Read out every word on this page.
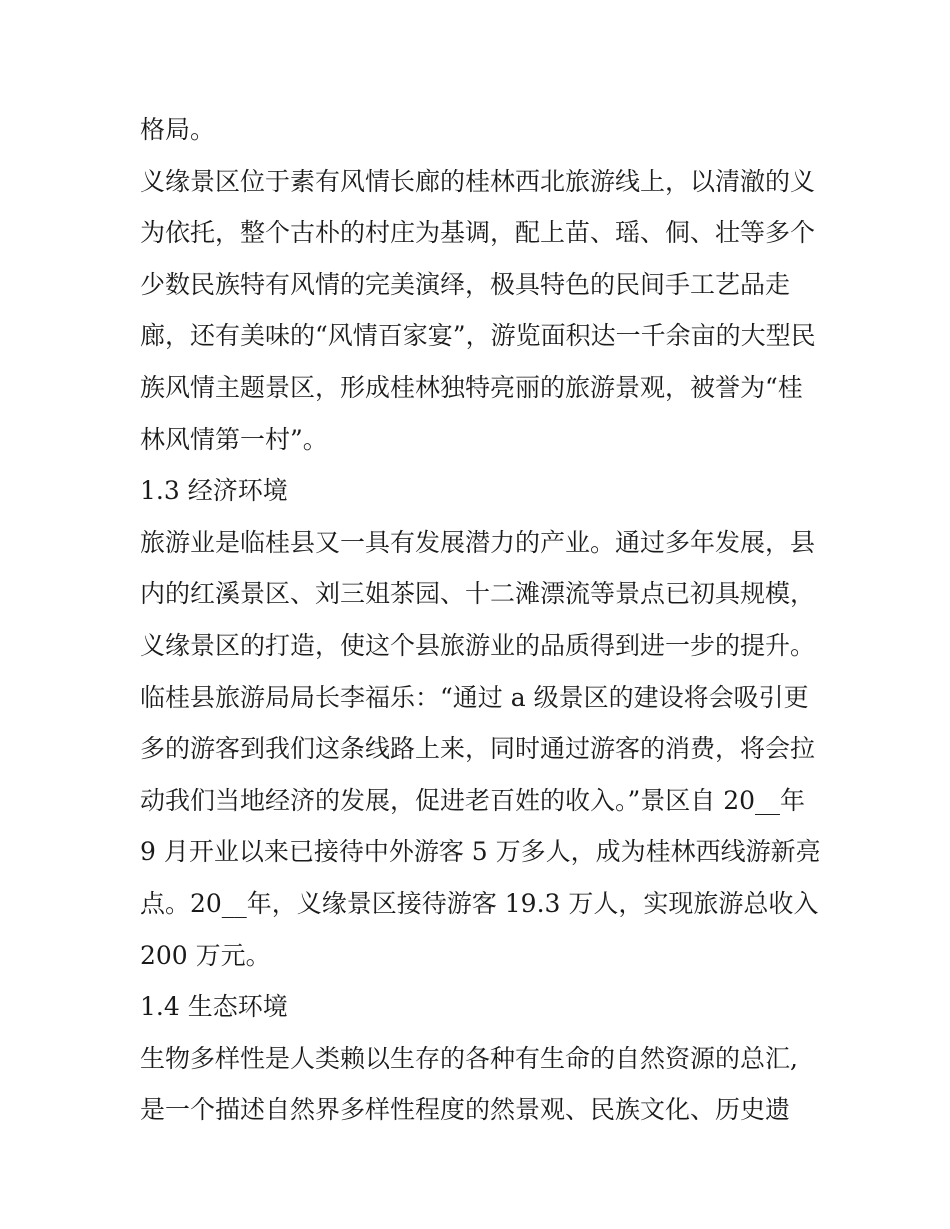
格局。
义缘景区位于素有风情长廊的桂林西北旅游线上，以清澈的义
为依托，整个古朴的村庄为基调，配上苗、瑶、侗、壮等多个
少数民族特有风情的完美演绎，极具特色的民间手工艺品走
廊，还有美味的“风情百家宴”，游览面积达一千余亩的大型民
族风情主题景区，形成桂林独特亮丽的旅游景观，被誉为“桂
林风情第一村”。
1.3 经济环境
旅游业是临桂县又一具有发展潜力的产业。通过多年发展，县
内的红溪景区、刘三姐茶园、十二滩漂流等景点已初具规模，
义缘景区的打造，使这个县旅游业的品质得到进一步的提升。
临桂县旅游局局长李福乐：“通过 a 级景区的建设将会吸引更
多的游客到我们这条线路上来，同时通过游客的消费，将会拉
动我们当地经济的发展，促进老百姓的收入。”景区自 20__年
9 月开业以来已接待中外游客 5 万多人，成为桂林西线游新亮
点。20__年，义缘景区接待游客 19.3 万人，实现旅游总收入
200 万元。
1.4 生态环境
生物多样性是人类赖以生存的各种有生命的自然资源的总汇,
是一个描述自然界多样性程度的然景观、民族文化、历史遗
